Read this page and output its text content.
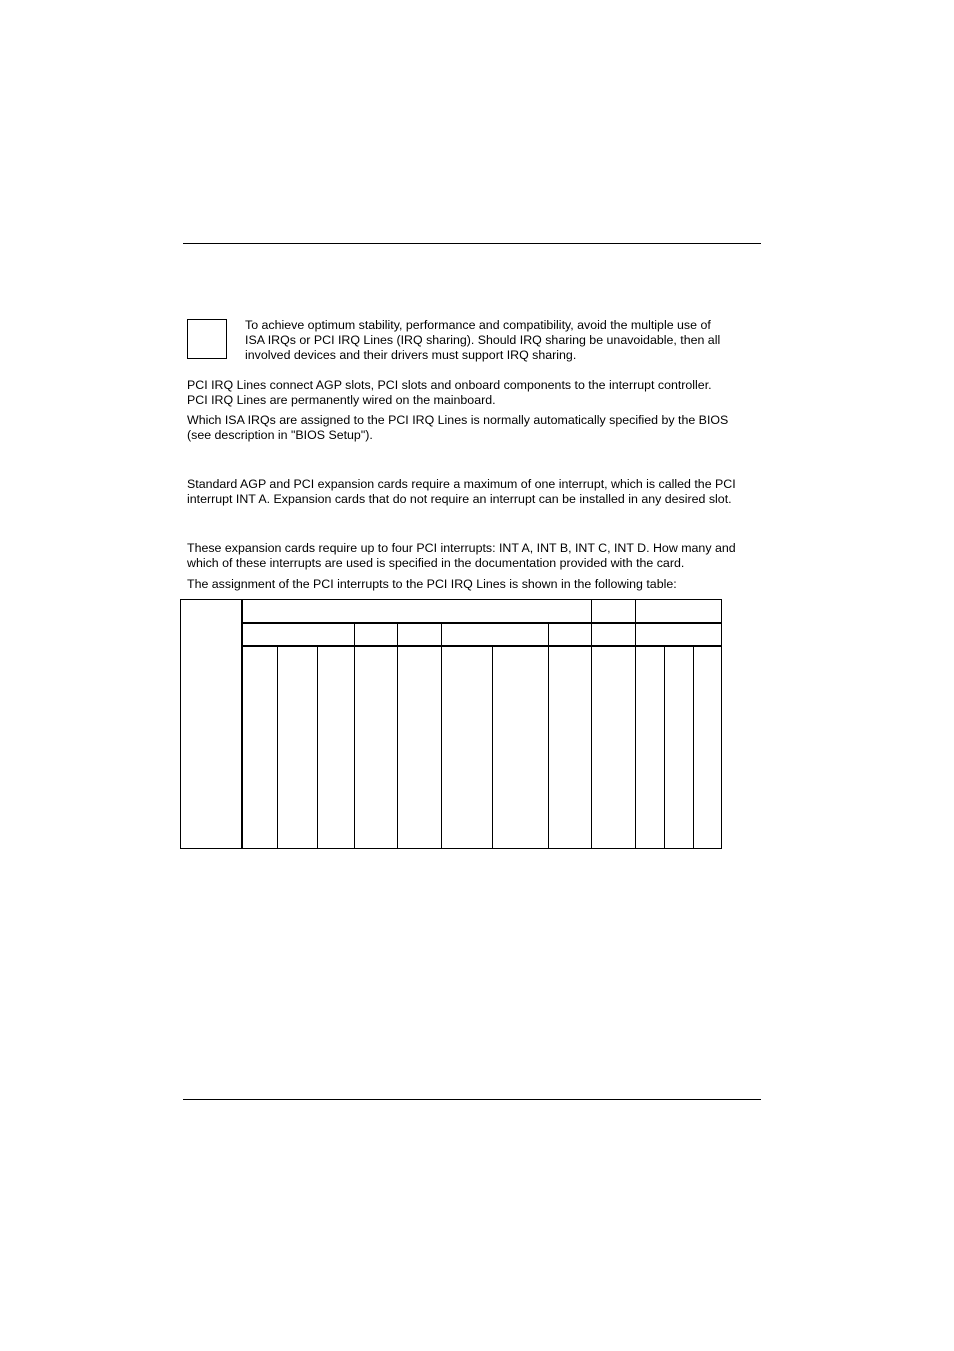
To achieve optimum stability, performance and compatibility, avoid the multiple use of
ISA IRQs or PCI IRQ Lines (IRQ sharing). Should IRQ sharing be unavoidable, then all
involved devices and their drivers must support IRQ sharing.

PCI IRQ Lines connect AGP slots, PCI slots and onboard components to the interrupt controller.
PCI IRQ Lines are permanently wired on the mainboard.

Which ISA IRQs are assigned to the PCI IRQ Lines is normally automatically specified by the BIOS
(see description in "BIOS Setup").

Standard AGP and PCI expansion cards require a maximum of one interrupt, which is called the PCI
interrupt INT A. Expansion cards that do not require an interrupt can be installed in any desired slot.

These expansion cards require up to four PCI interrupts: INT A, INT B, INT C, INT D. How many and
which of these interrupts are used is specified in the documentation provided with the card.

The assignment of the PCI interrupts to the PCI IRQ Lines is shown in the following table:
